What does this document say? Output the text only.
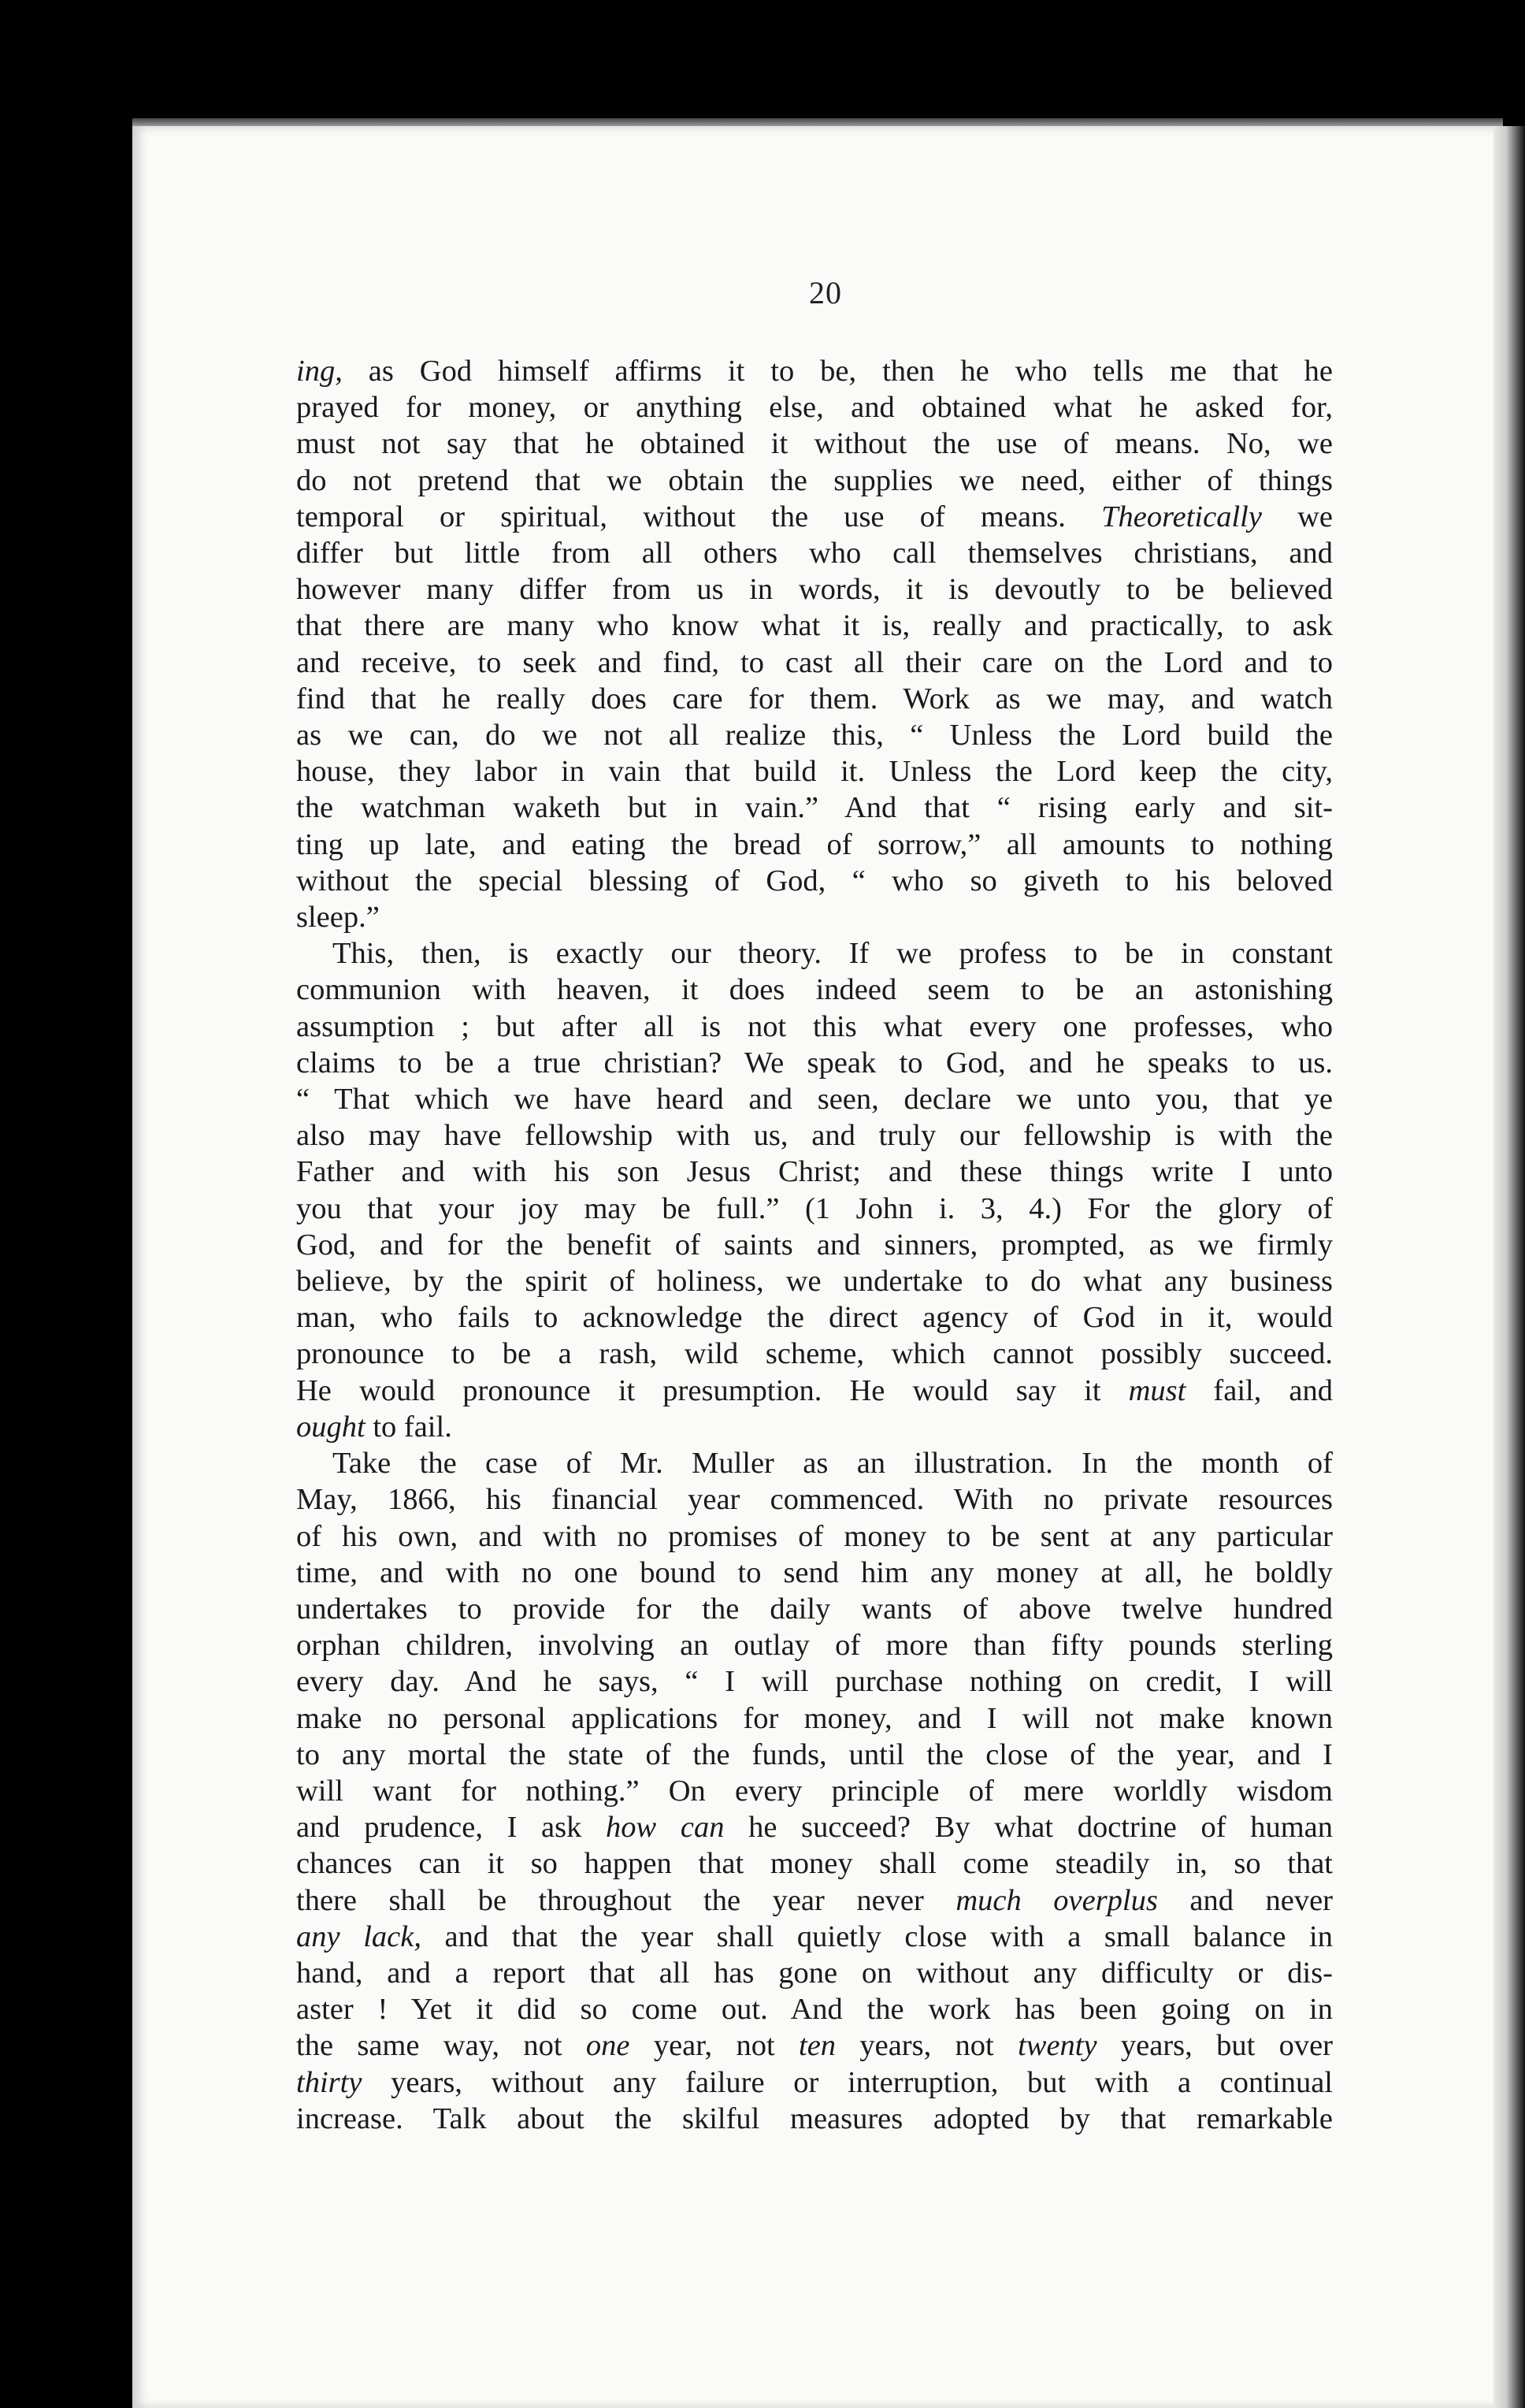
20
ing, as God himself affirms it to be, then he who tells me that he
prayed for money, or anything else, and obtained what he asked for,
must not say that he obtained it without the use of means. No, we
do not pretend that we obtain the supplies we need, either of things
temporal or spiritual, without the use of means. Theoretically we
differ but little from all others who call themselves christians, and
however many differ from us in words, it is devoutly to be believed
that there are many who know what it is, really and practically, to ask
and receive, to seek and find, to cast all their care on the Lord and to
find that he really does care for them. Work as we may, and watch
as we can, do we not all realize this, “ Unless the Lord build the
house, they labor in vain that build it. Unless the Lord keep the city,
the watchman waketh but in vain.” And that “ rising early and sit-
ting up late, and eating the bread of sorrow,” all amounts to nothing
without the special blessing of God, “ who so giveth to his beloved
sleep.”
This, then, is exactly our theory. If we profess to be in constant
communion with heaven, it does indeed seem to be an astonishing
assumption ; but after all is not this what every one professes, who
claims to be a true christian? We speak to God, and he speaks to us.
“ That which we have heard and seen, declare we unto you, that ye
also may have fellowship with us, and truly our fellowship is with the
Father and with his son Jesus Christ; and these things write I unto
you that your joy may be full.” (1 John i. 3, 4.) For the glory of
God, and for the benefit of saints and sinners, prompted, as we firmly
believe, by the spirit of holiness, we undertake to do what any business
man, who fails to acknowledge the direct agency of God in it, would
pronounce to be a rash, wild scheme, which cannot possibly succeed.
He would pronounce it presumption. He would say it must fail, and
ought to fail.
Take the case of Mr. Muller as an illustration. In the month of
May, 1866, his financial year commenced. With no private resources
of his own, and with no promises of money to be sent at any particular
time, and with no one bound to send him any money at all, he boldly
undertakes to provide for the daily wants of above twelve hundred
orphan children, involving an outlay of more than fifty pounds sterling
every day. And he says, “ I will purchase nothing on credit, I will
make no personal applications for money, and I will not make known
to any mortal the state of the funds, until the close of the year, and I
will want for nothing.” On every principle of mere worldly wisdom
and prudence, I ask how can he succeed? By what doctrine of human
chances can it so happen that money shall come steadily in, so that
there shall be throughout the year never much overplus and never
any lack, and that the year shall quietly close with a small balance in
hand, and a report that all has gone on without any difficulty or dis-
aster ! Yet it did so come out. And the work has been going on in
the same way, not one year, not ten years, not twenty years, but over
thirty years, without any failure or interruption, but with a continual
increase. Talk about the skilful measures adopted by that remarkable
